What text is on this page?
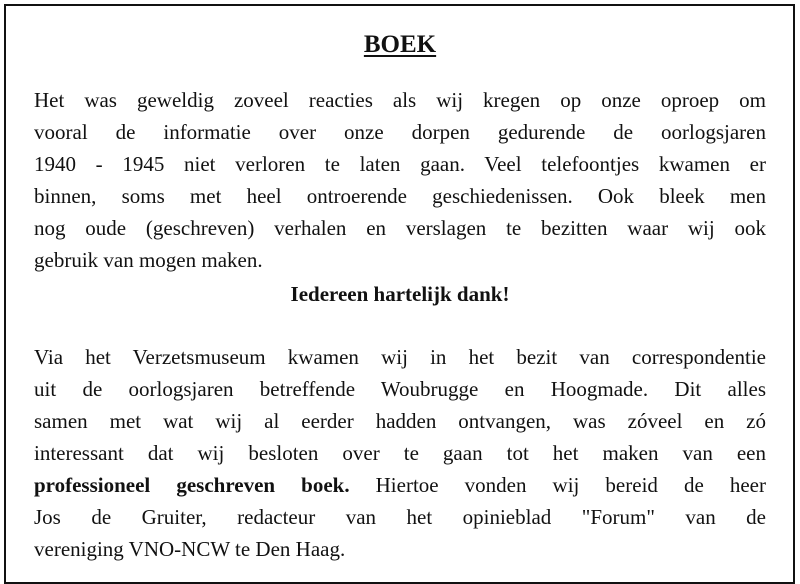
BOEK
Het was geweldig zoveel reacties als wij kregen op onze oproep om
vooral de informatie over onze dorpen gedurende de oorlogsjaren
1940 - 1945 niet verloren te laten gaan. Veel telefoontjes kwamen er
binnen, soms met heel ontroerende geschiedenissen. Ook bleek men
nog oude (geschreven) verhalen en verslagen te bezitten waar wij ook
gebruik van mogen maken.
Iedereen hartelijk dank!
Via het Verzetsmuseum kwamen wij in het bezit van correspondentie
uit de oorlogsjaren betreffende Woubrugge en Hoogmade. Dit alles
samen met wat wij al eerder hadden ontvangen, was zóveel en zó
interessant dat wij besloten over te gaan tot het maken van een
professioneel geschreven boek. Hiertoe vonden wij bereid de heer
Jos de Gruiter, redacteur van het opinieblad "Forum" van de
vereniging VNO-NCW te Den Haag.
